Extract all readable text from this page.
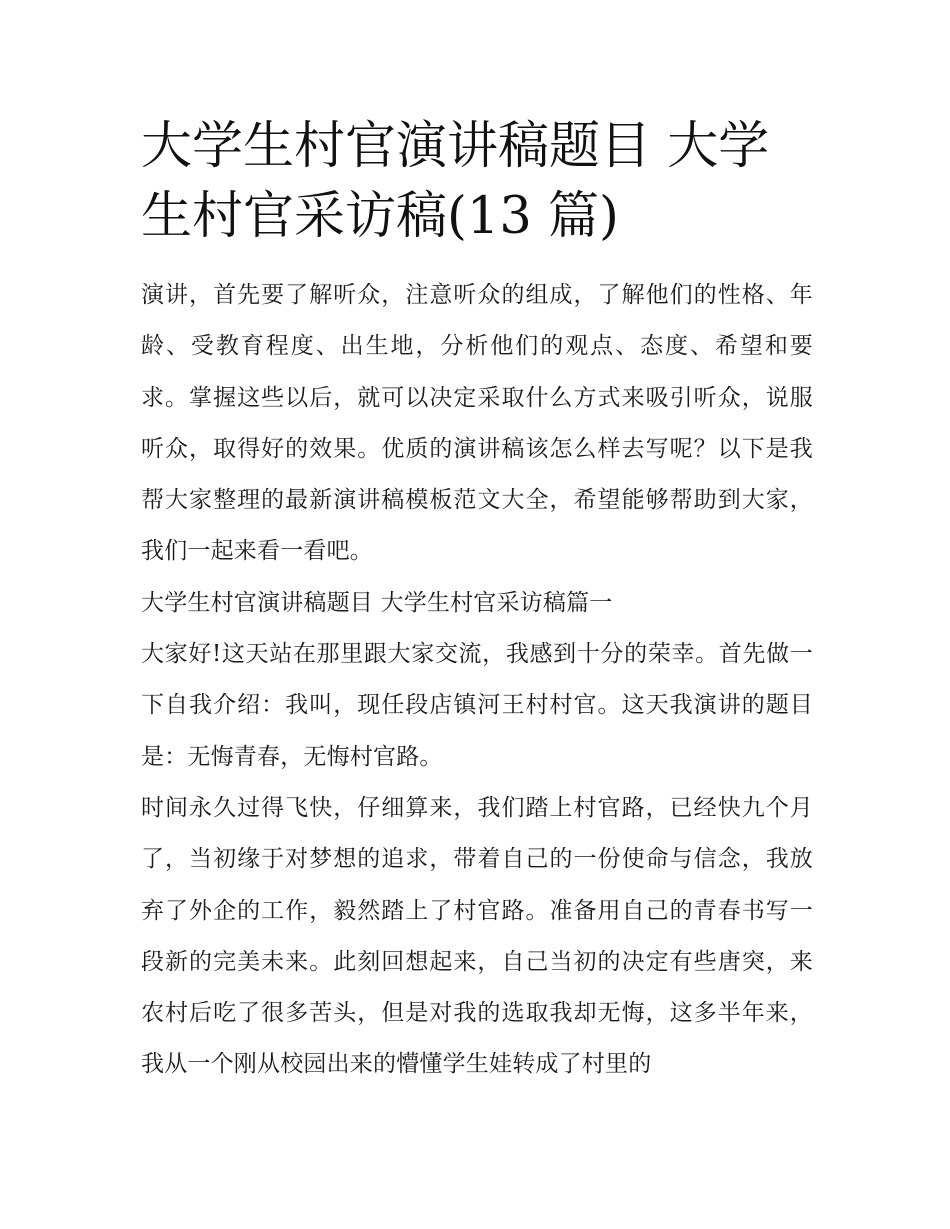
大学生村官演讲稿题目 大学生村官采访稿(13 篇)

演讲，首先要了解听众，注意听众的组成，了解他们的性格、年龄、受教育程度、出生地，分析他们的观点、态度、希望和要求。掌握这些以后，就可以决定采取什么方式来吸引听众，说服听众，取得好的效果。优质的演讲稿该怎么样去写呢？以下是我帮大家整理的最新演讲稿模板范文大全，希望能够帮助到大家，我们一起来看一看吧。

大学生村官演讲稿题目 大学生村官采访稿篇一

大家好!这天站在那里跟大家交流，我感到十分的荣幸。首先做一下自我介绍：我叫，现任段店镇河王村村官。这天我演讲的题目是：无悔青春，无悔村官路。

时间永久过得飞快，仔细算来，我们踏上村官路，已经快九个月了，当初缘于对梦想的追求，带着自己的一份使命与信念，我放弃了外企的工作，毅然踏上了村官路。准备用自己的青春书写一段新的完美未来。此刻回想起来，自己当初的决定有些唐突，来农村后吃了很多苦头，但是对我的选取我却无悔，这多半年来，我从一个刚从校园出来的懵懂学生娃转成了村里的
